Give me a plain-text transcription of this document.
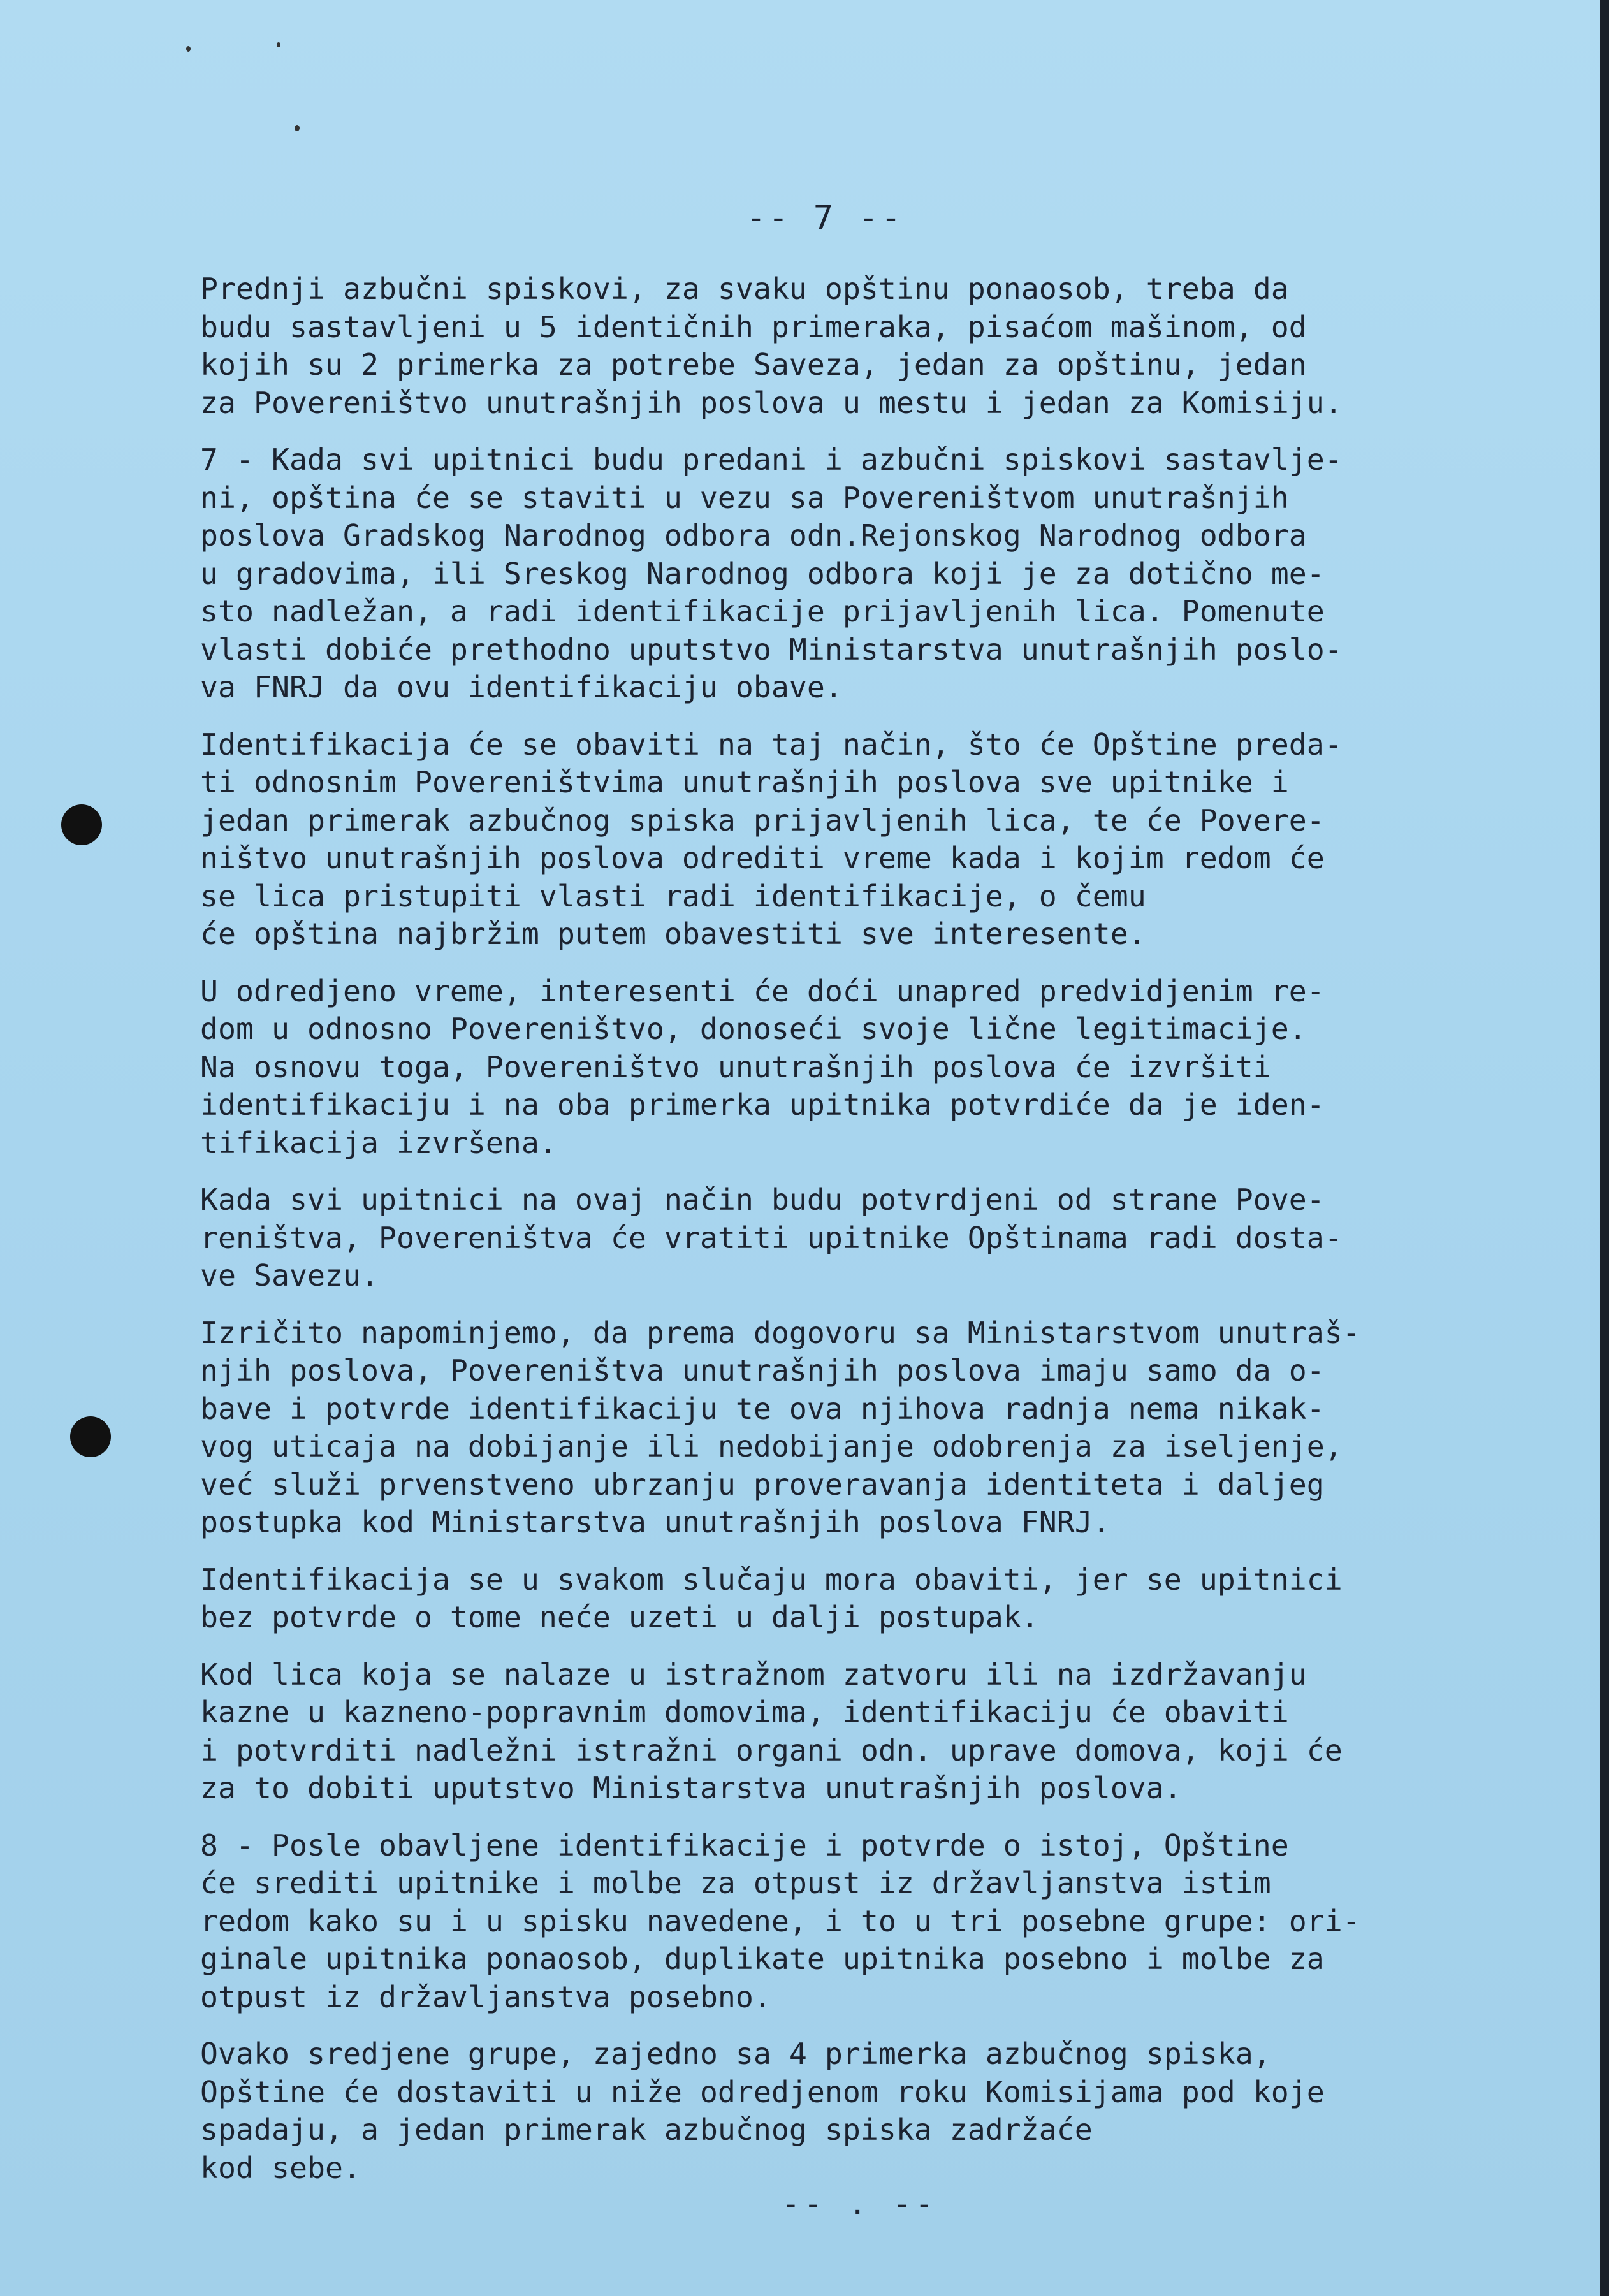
-- 7 --
Prednji azbučni spiskovi, za svaku opštinu ponaosob, treba da
budu sastavljeni u 5 identičnih primeraka, pisaćom mašinom, od
kojih su 2 primerka za potrebe Saveza, jedan za opštinu, jedan
za Povereništvo unutrašnjih poslova u mestu i jedan za Komisiju.
7 - Kada svi upitnici budu predani i azbučni spiskovi sastavlje-
ni, opština će se staviti u vezu sa Povereništvom unutrašnjih
poslova Gradskog Narodnog odbora odn.Rejonskog Narodnog odbora
u gradovima, ili Sreskog Narodnog odbora koji je za dotično me-
sto nadležan, a radi identifikacije prijavljenih lica. Pomenute
vlasti dobiće prethodno uputstvo Ministarstva unutrašnjih poslo-
va FNRJ da ovu identifikaciju obave.
Identifikacija će se obaviti na taj način, što će Opštine preda-
ti odnosnim Povereništvima unutrašnjih poslova sve upitnike i
jedan primerak azbučnog spiska prijavljenih lica, te će Povere-
ništvo unutrašnjih poslova odrediti vreme kada i kojim redom će
se lica pristupiti vlasti radi identifikacije, o čemu
će opština najbržim putem obavestiti sve interesente.
U odredjeno vreme, interesenti će doći unapred predvidjenim re-
dom u odnosno Povereništvo, donoseći svoje lične legitimacije.
Na osnovu toga, Povereništvo unutrašnjih poslova će izvršiti
identifikaciju i na oba primerka upitnika potvrdiće da je iden-
tifikacija izvršena.
Kada svi upitnici na ovaj način budu potvrdjeni od strane Pove-
reništva, Povereništva će vratiti upitnike Opštinama radi dosta-
ve Savezu.
Izričito napominjemo, da prema dogovoru sa Ministarstvom unutraš-
njih poslova, Povereništva unutrašnjih poslova imaju samo da o-
bave i potvrde identifikaciju te ova njihova radnja nema nikak-
vog uticaja na dobijanje ili nedobijanje odobrenja za iseljenje,
već služi prvenstveno ubrzanju proveravanja identiteta i daljeg
postupka kod Ministarstva unutrašnjih poslova FNRJ.
Identifikacija se u svakom slučaju mora obaviti, jer se upitnici
bez potvrde o tome neće uzeti u dalji postupak.
Kod lica koja se nalaze u istražnom zatvoru ili na izdržavanju
kazne u kazneno-popravnim domovima, identifikaciju će obaviti
i potvrditi nadležni istražni organi odn. uprave domova, koji će
za to dobiti uputstvo Ministarstva unutrašnjih poslova.
8 - Posle obavljene identifikacije i potvrde o istoj, Opštine
će srediti upitnike i molbe za otpust iz državljanstva istim
redom kako su i u spisku navedene, i to u tri posebne grupe: ori-
ginale upitnika ponaosob, duplikate upitnika posebno i molbe za
otpust iz državljanstva posebno.
Ovako sredjene grupe, zajedno sa 4 primerka azbučnog spiska,
Opštine će dostaviti u niže odredjenom roku Komisijama pod koje
spadaju, a jedan primerak azbučnog spiska zadržaće
kod sebe.
-- . --
